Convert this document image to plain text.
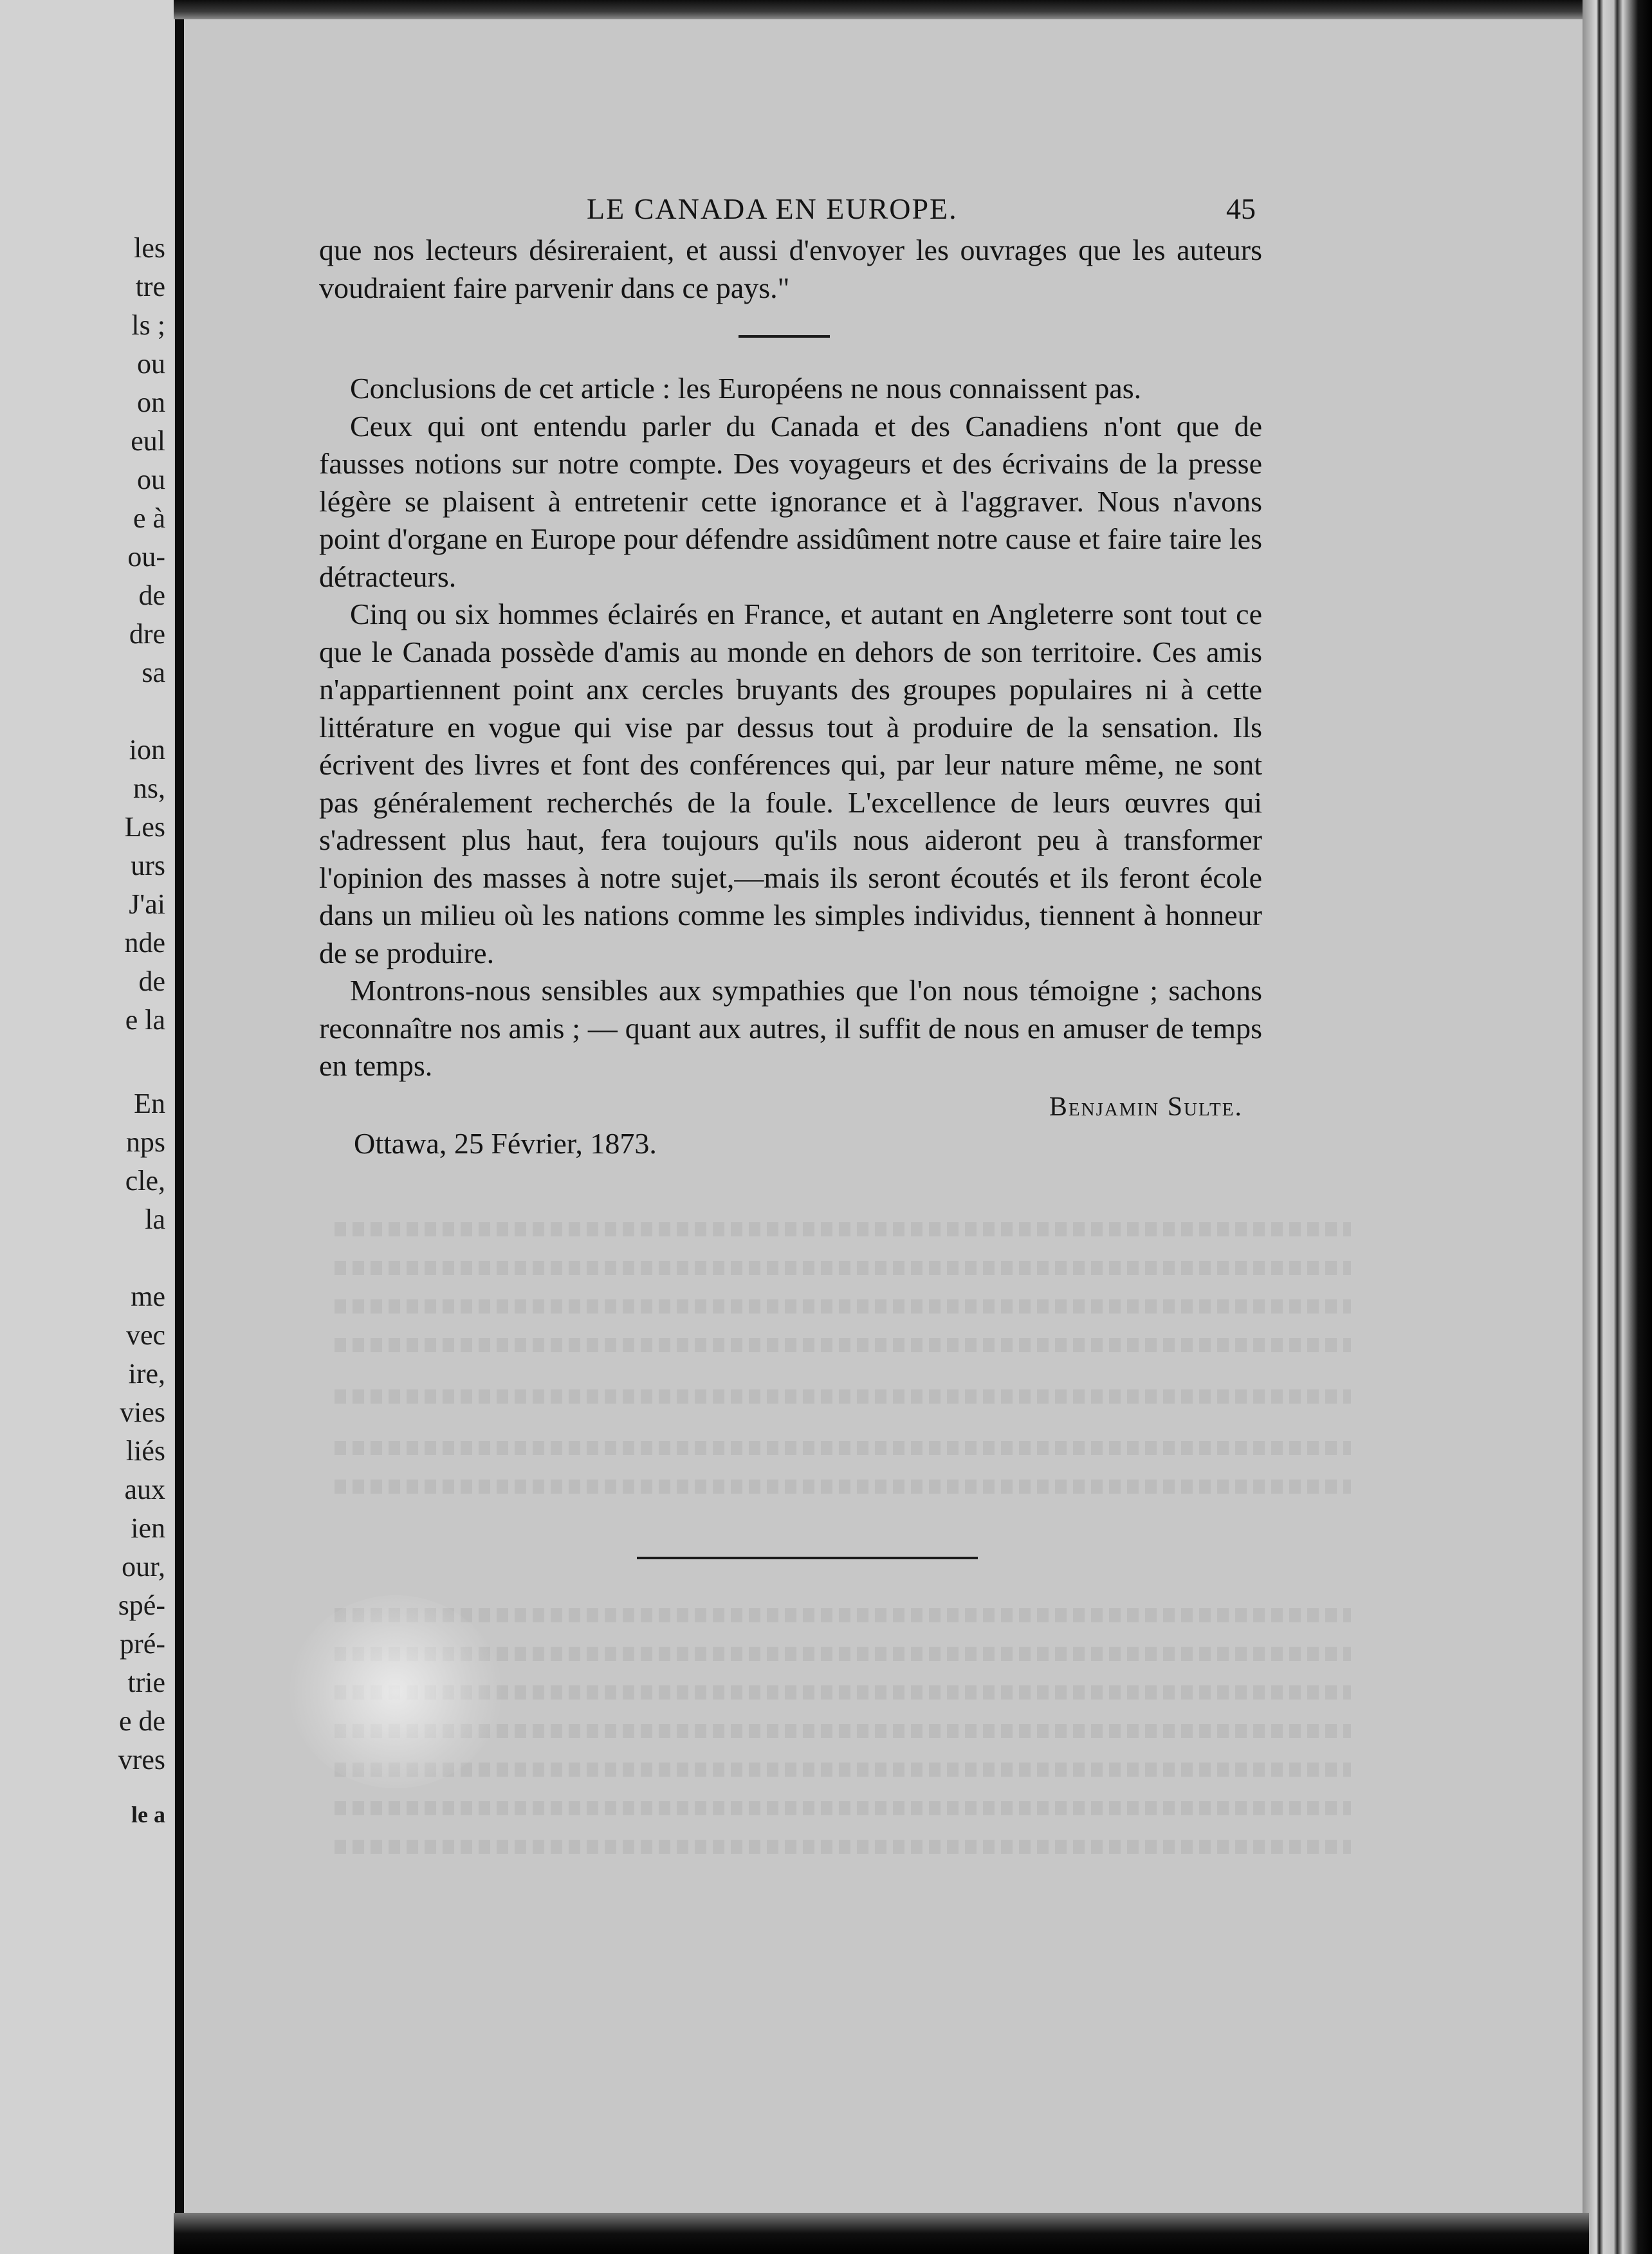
les
tre
ls ;
ou
on
eul
ou
e à
ou-
de
dre
sa
ion
ns,
Les
urs
J'ai
nde
de
e la
En
nps
cle,
la
me
vec
ire,
vies
liés
aux
ien
our,
spé-
pré-
trie
e de
vres
le a
LE CANADA EN EUROPE.	45

que nos lecteurs désireraient, et aussi d'envoyer les ouvrages que les auteurs voudraient faire parvenir dans ce pays."

Conclusions de cet article : les Européens ne nous connaissent pas.

Ceux qui ont entendu parler du Canada et des Canadiens n'ont que de fausses notions sur notre compte. Des voyageurs et des écrivains de la presse légère se plaisent à entretenir cette ignorance et à l'aggraver. Nous n'avons point d'organe en Europe pour défendre assidûment notre cause et faire taire les détracteurs.

Cinq ou six hommes éclairés en France, et autant en Angleterre sont tout ce que le Canada possède d'amis au monde en dehors de son territoire. Ces amis n'appartiennent point anx cercles bruyants des groupes populaires ni à cette littérature en vogue qui vise par dessus tout à produire de la sensation. Ils écrivent des livres et font des conférences qui, par leur nature même, ne sont pas généralement recherchés de la foule. L'excellence de leurs œuvres qui s'adressent plus haut, fera toujours qu'ils nous aideront peu à transformer l'opinion des masses à notre sujet,—mais ils seront écoutés et ils feront école dans un milieu où les nations comme les simples individus, tiennent à honneur de se produire.

Montrons-nous sensibles aux sympathies que l'on nous témoigne ; sachons reconnaître nos amis ; — quant aux autres, il suffit de nous en amuser de temps en temps.

Benjamin Sulte.
Ottawa, 25 Février, 1873.
